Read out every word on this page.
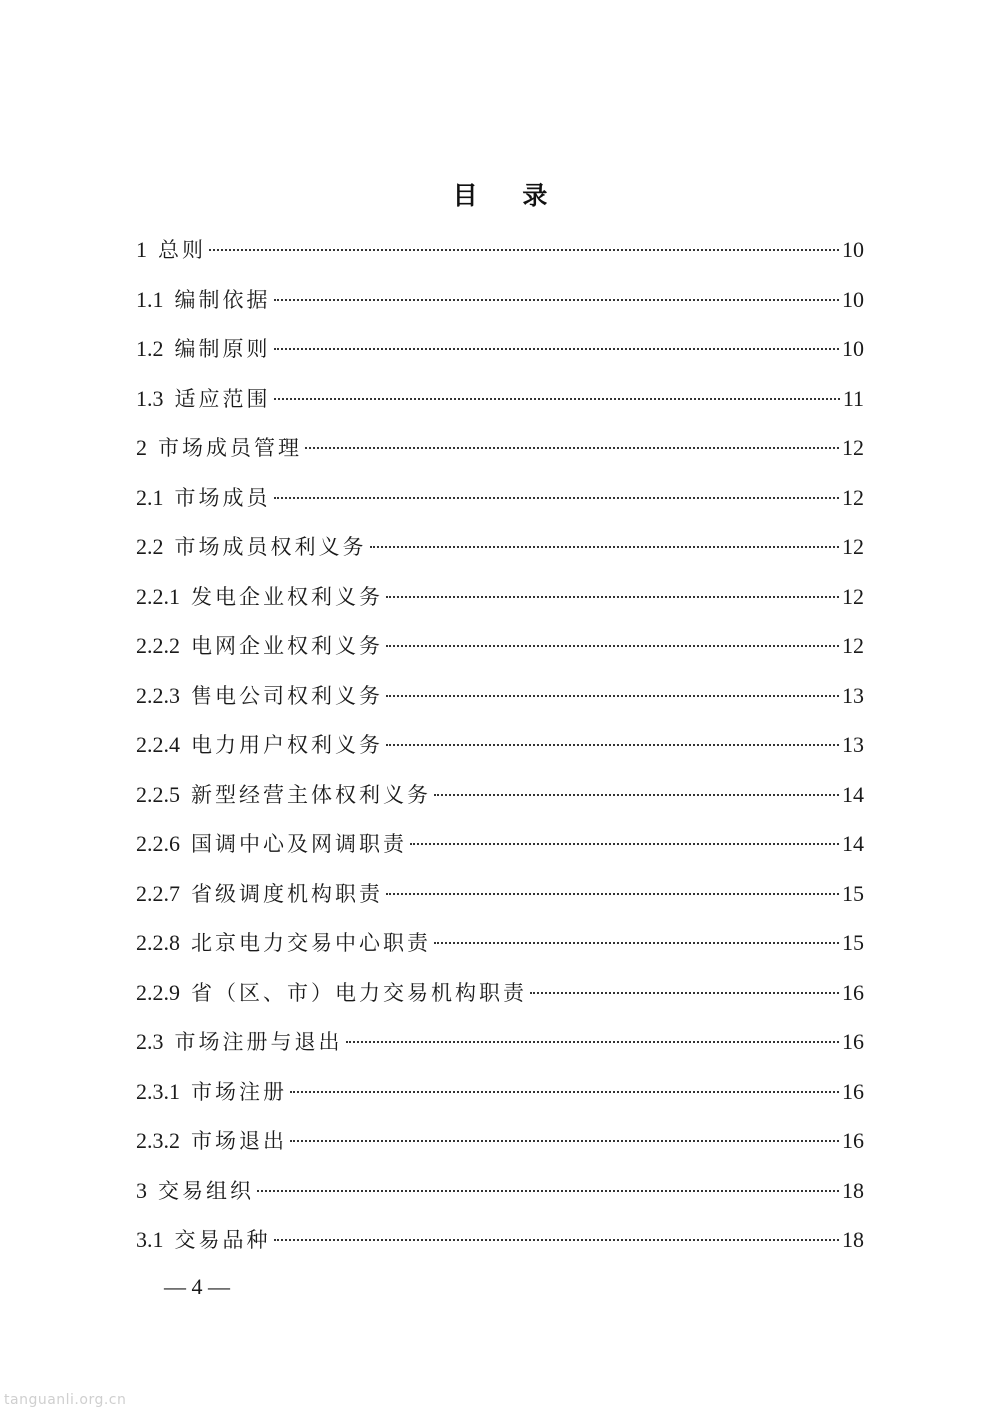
目 录
1 总则	10
1.1 编制依据	10
1.2 编制原则	10
1.3 适应范围	11
2 市场成员管理	12
2.1 市场成员	12
2.2 市场成员权利义务	12
2.2.1 发电企业权利义务	12
2.2.2 电网企业权利义务	12
2.2.3 售电公司权利义务	13
2.2.4 电力用户权利义务	13
2.2.5 新型经营主体权利义务	14
2.2.6 国调中心及网调职责	14
2.2.7 省级调度机构职责	15
2.2.8 北京电力交易中心职责	15
2.2.9 省（区、市）电力交易机构职责	16
2.3 市场注册与退出	16
2.3.1 市场注册	16
2.3.2 市场退出	16
3 交易组织	18
3.1 交易品种	18
— 4 —
tanguanli.org.cn
